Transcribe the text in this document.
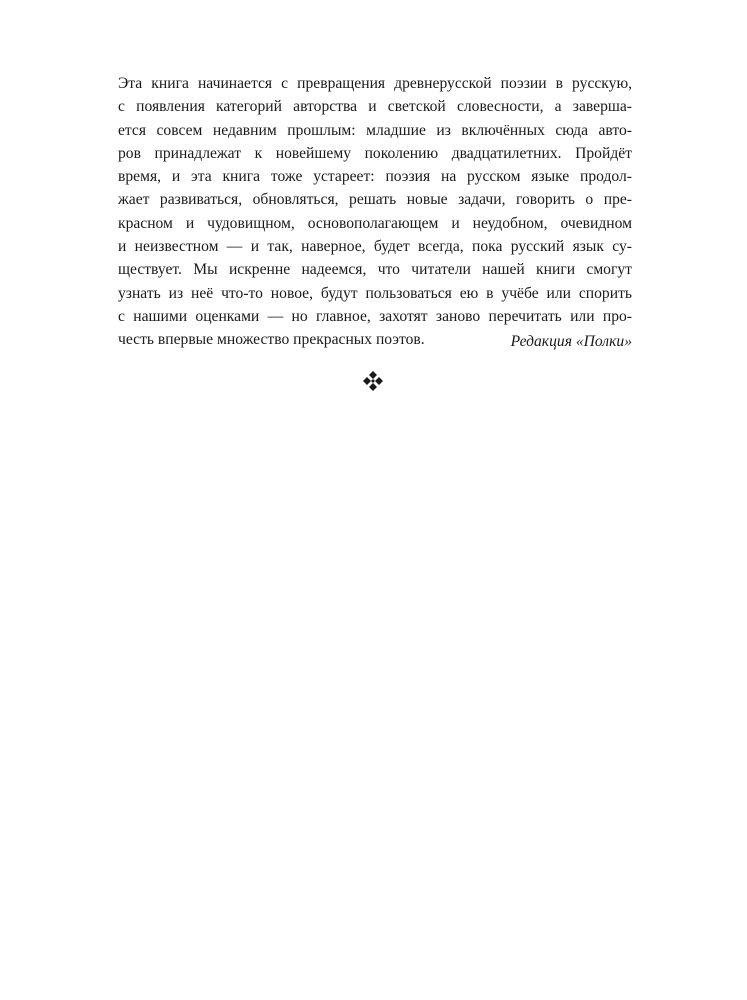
Эта книга начинается с превращения древнерусской поэзии в русскую,
с появления категорий авторства и светской словесности, а заверша-
ется совсем недавним прошлым: младшие из включённых сюда авто-
ров принадлежат к новейшему поколению двадцатилетних. Пройдёт
время, и эта книга тоже устареет: поэзия на русском языке продол-
жает развиваться, обновляться, решать новые задачи, говорить о пре-
красном и чудовищном, основополагающем и неудобном, очевидном
и неизвестном — и так, наверное, будет всегда, пока русский язык су-
ществует. Мы искренне надеемся, что читатели нашей книги смогут
узнать из неё что-то новое, будут пользоваться ею в учёбе или спорить
с нашими оценками — но главное, захотят заново перечитать или про-
честь впервые множество прекрасных поэтов.	Редакция «Полки»
